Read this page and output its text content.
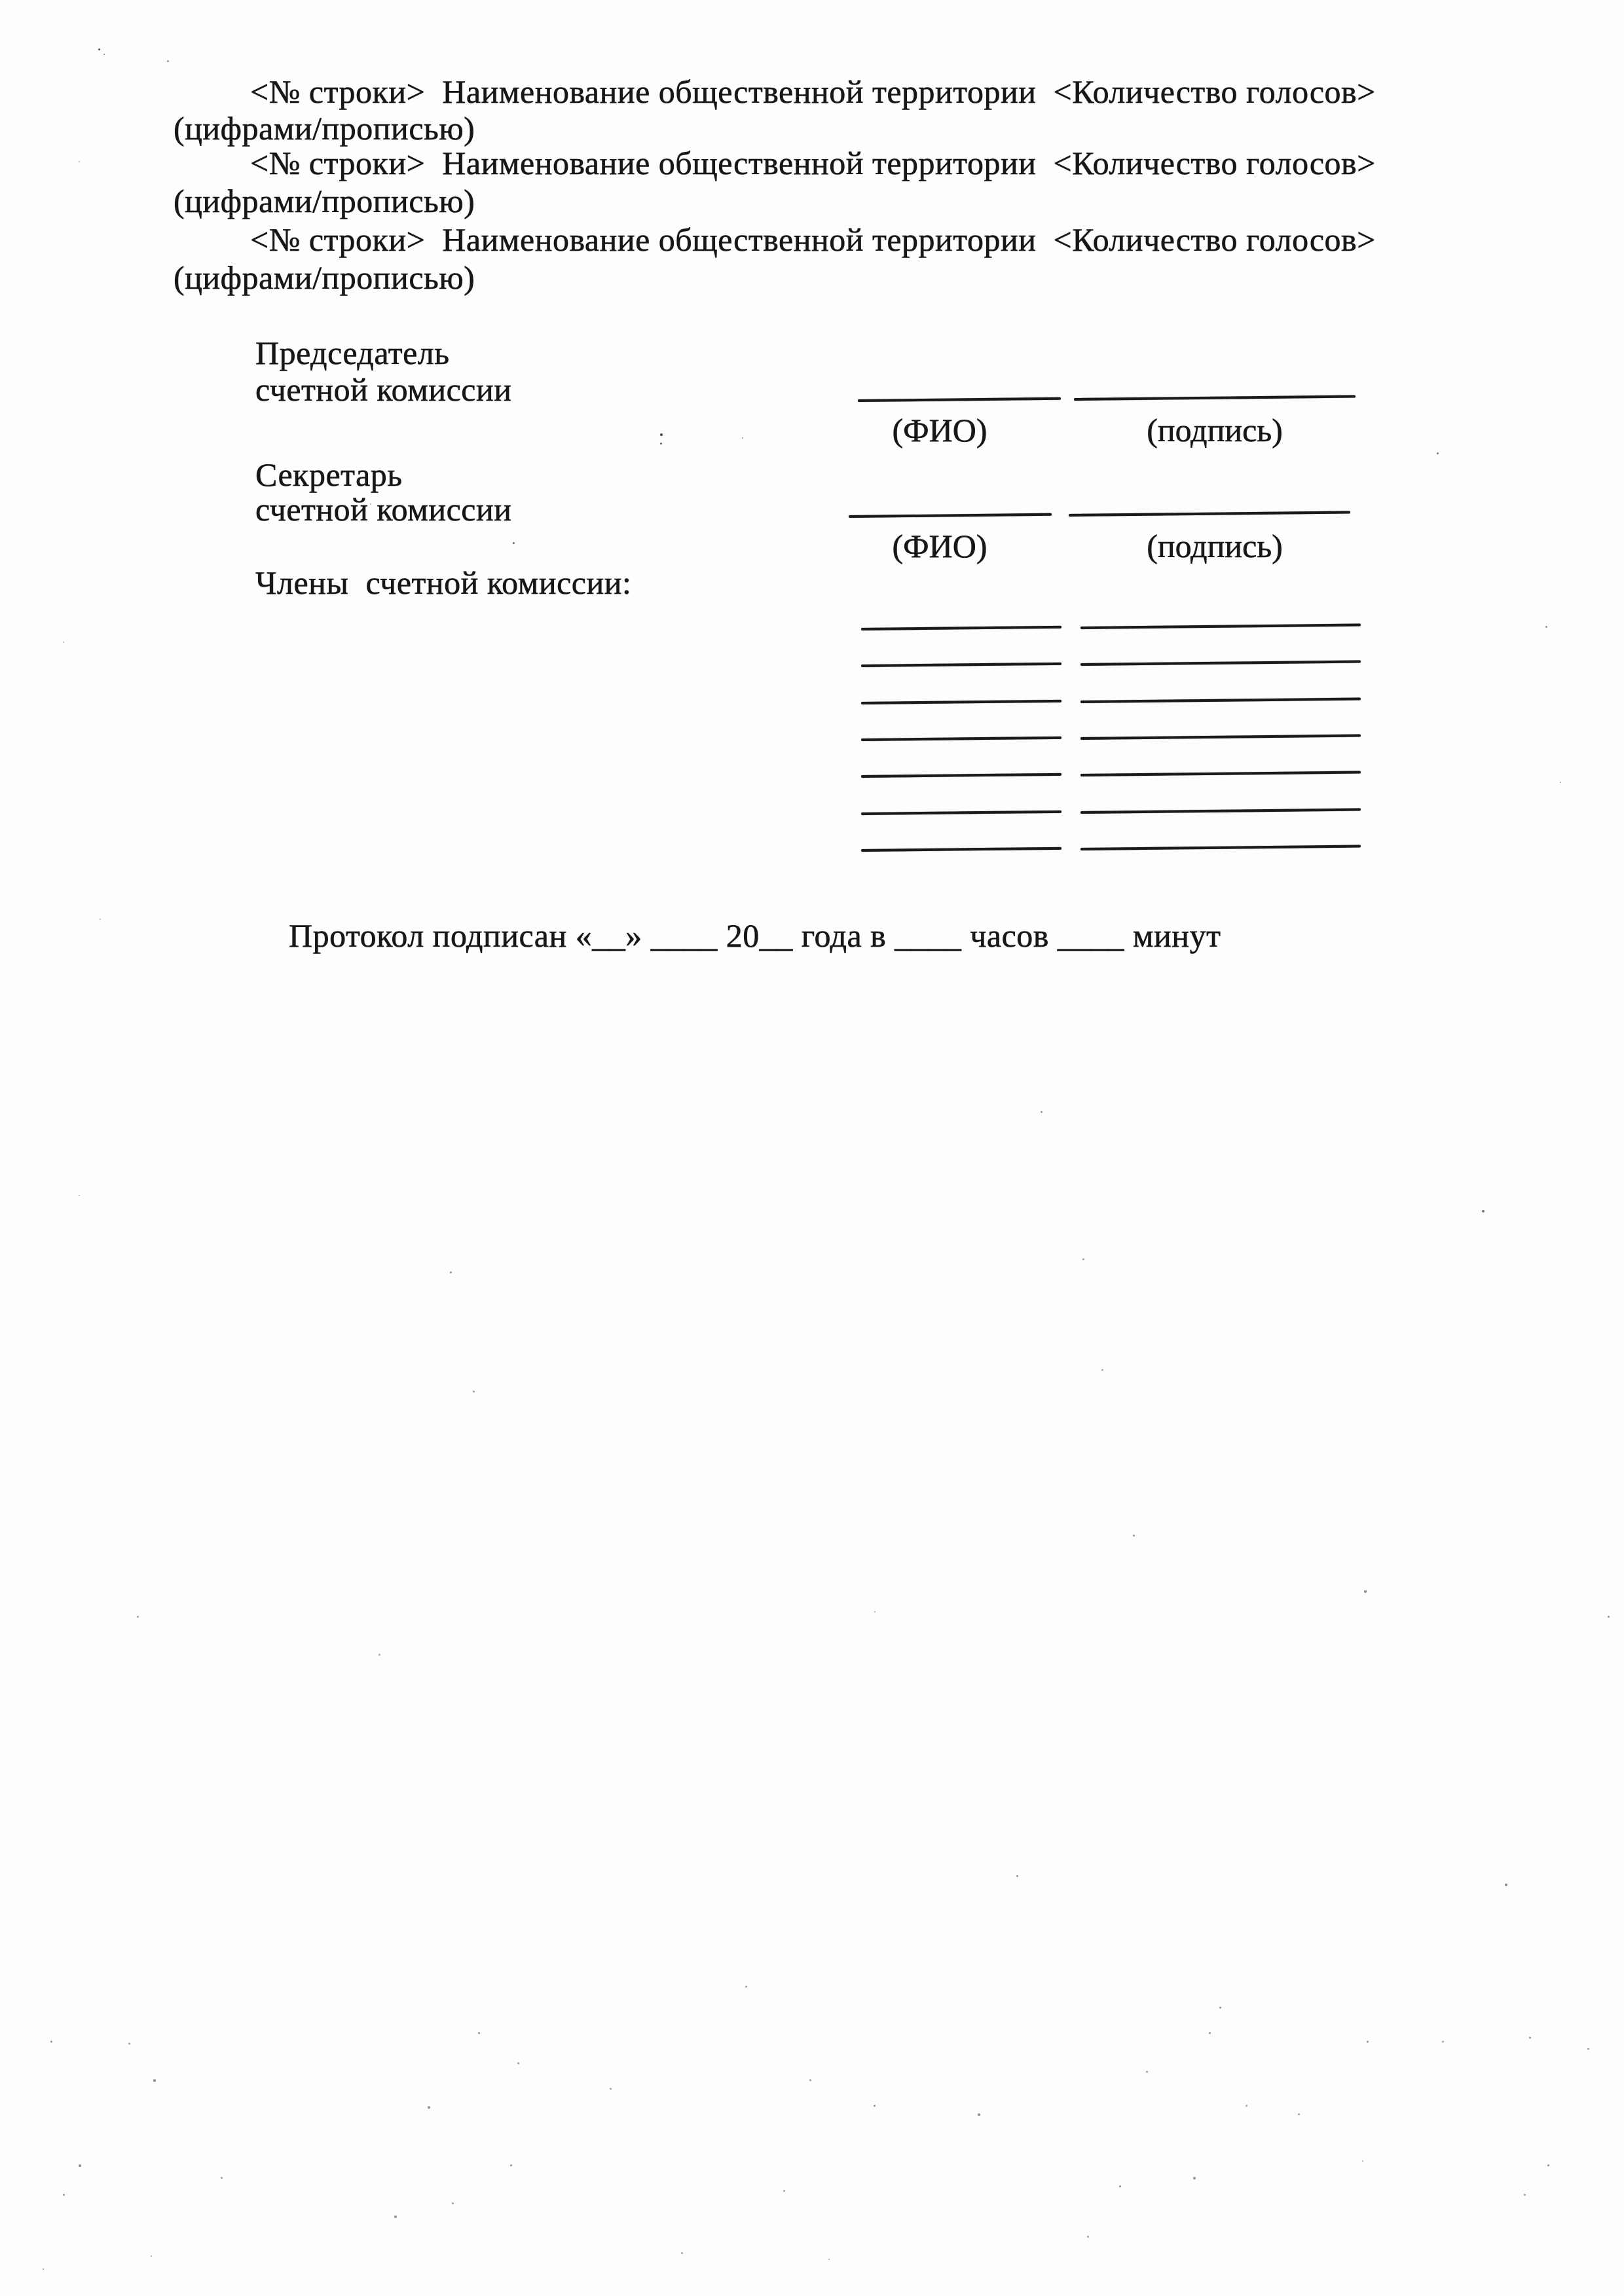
<№ строки>  Наименование общественной территории  <Количество голосов>
(цифрами/прописью)
<№ строки>  Наименование общественной территории  <Количество голосов>
(цифрами/прописью)
<№ строки>  Наименование общественной территории  <Количество голосов>
(цифрами/прописью)
Председатель
счетной комиссии
(ФИО)	(подпись)
Секретарь
счетной комиссии
(ФИО)	(подпись)
Члены  счетной комиссии:
Протокол подписан «__» ____ 20__ года в ____ часов ____ минут
